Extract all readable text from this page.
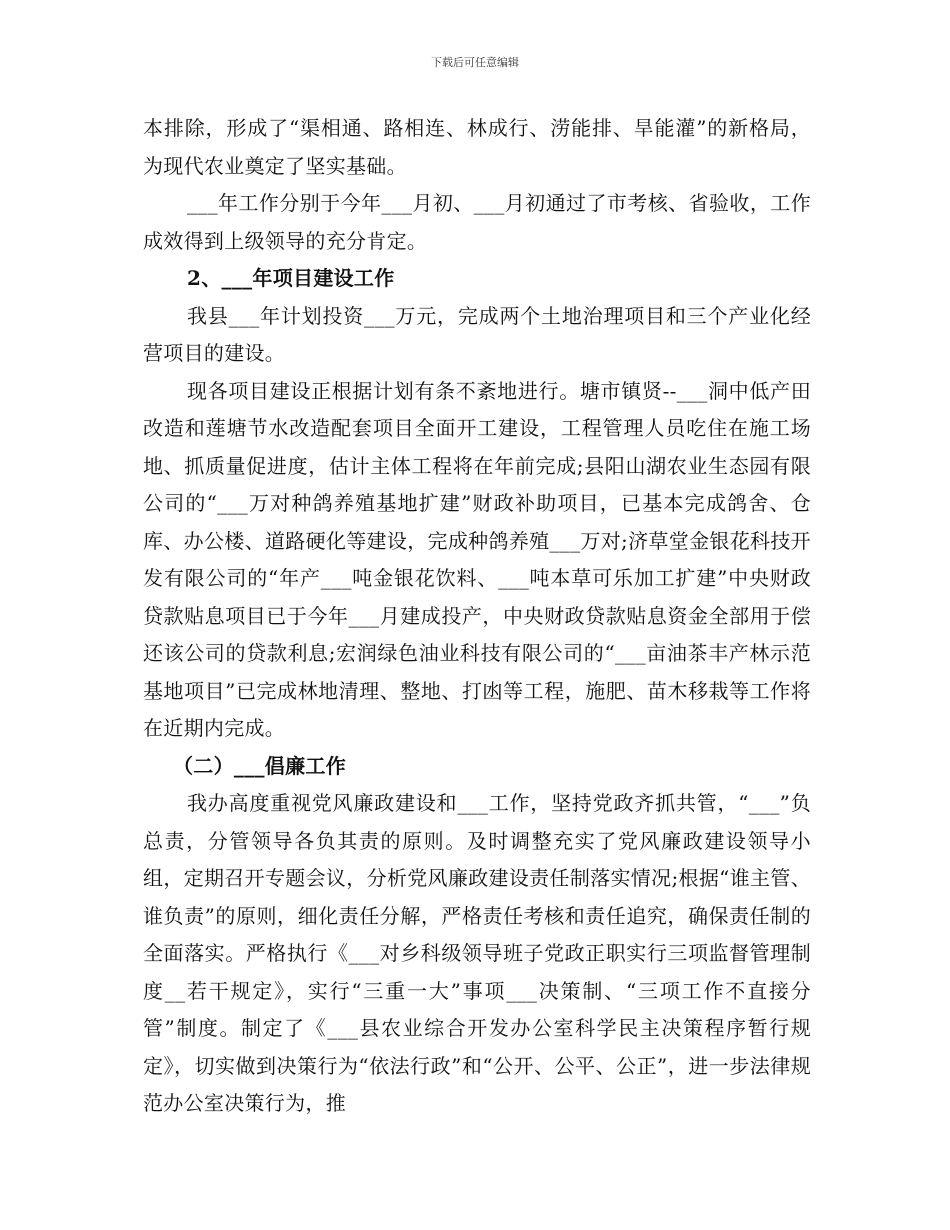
下载后可任意编辑

本排除，形成了“渠相通、路相连、林成行、涝能排、旱能灌”的新格局，为现代农业奠定了坚实基础。

___年工作分别于今年___月初、___月初通过了市考核、省验收，工作成效得到上级领导的充分肯定。

2、___年项目建设工作

我县___年计划投资___万元，完成两个土地治理项目和三个产业化经营项目的建设。

现各项目建设正根据计划有条不紊地进行。塘市镇贤--___洞中低产田改造和莲塘节水改造配套项目全面开工建设，工程管理人员吃住在施工场地、抓质量促进度，估计主体工程将在年前完成;县阳山湖农业生态园有限公司的“___万对种鸽养殖基地扩建”财政补助项目，已基本完成鸽舍、仓库、办公楼、道路硬化等建设，完成种鸽养殖___万对;济草堂金银花科技开发有限公司的“年产___吨金银花饮料、___吨本草可乐加工扩建”中央财政贷款贴息项目已于今年___月建成投产，中央财政贷款贴息资金全部用于偿还该公司的贷款利息;宏润绿色油业科技有限公司的“___亩油茶丰产林示范基地项目”已完成林地清理、整地、打凼等工程，施肥、苗木移栽等工作将在近期内完成。

（二）___倡廉工作

我办高度重视党风廉政建设和___工作，坚持党政齐抓共管，“___”负总责，分管领导各负其责的原则。及时调整充实了党风廉政建设领导小组，定期召开专题会议，分析党风廉政建设责任制落实情况;根据“谁主管、谁负责”的原则，细化责任分解，严格责任考核和责任追究，确保责任制的全面落实。严格执行《___对乡科级领导班子党政正职实行三项监督管理制度__若干规定》，实行“三重一大”事项___决策制、“三项工作不直接分管”制度。制定了《___县农业综合开发办公室科学民主决策程序暂行规定》，切实做到决策行为“依法行政”和“公开、公平、公正”，进一步法律规范办公室决策行为，推
